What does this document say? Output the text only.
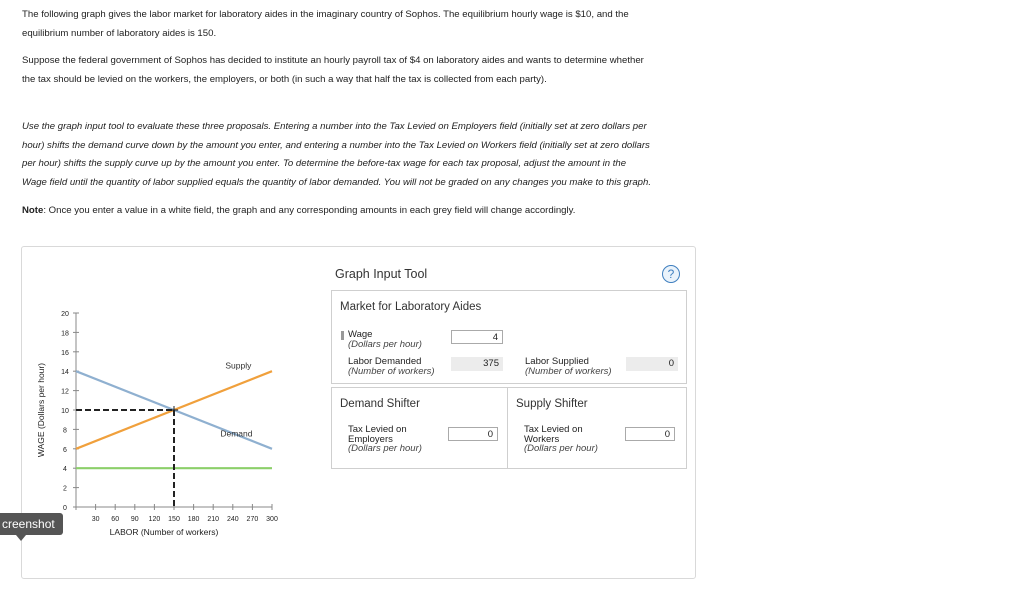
The following graph gives the labor market for laboratory aides in the imaginary country of Sophos. The equilibrium hourly wage is $10, and the
equilibrium number of laboratory aides is 150.

Suppose the federal government of Sophos has decided to institute an hourly payroll tax of $4 on laboratory aides and wants to determine whether
the tax should be levied on the workers, the employers, or both (in such a way that half the tax is collected from each party).

Use the graph input tool to evaluate these three proposals. Entering a number into the Tax Levied on Employers field (initially set at zero dollars per
hour) shifts the demand curve down by the amount you enter, and entering a number into the Tax Levied on Workers field (initially set at zero dollars
per hour) shifts the supply curve up by the amount you enter. To determine the before-tax wage for each tax proposal, adjust the amount in the
Wage field until the quantity of labor supplied equals the quantity of labor demanded. You will not be graded on any changes you make to this graph.

Note: Once you enter a value in a white field, the graph and any corresponding amounts in each grey field will change accordingly.

0
2
4
6
8
10
12
14
16
18
20
30 60 90 120 150 180 210 240 270 300
WAGE (Dollars per hour)
LABOR (Number of workers)
Supply
Demand
Graph Input Tool	?
Market for Laboratory Aides
Wage
(Dollars per hour)
4
Labor Demanded
(Number of workers)
375	Labor Supplied
(Number of workers)
0
Demand Shifter
Tax Levied on
Employers
(Dollars per hour)
0
Supply Shifter
Tax Levied on
Workers
(Dollars per hour)
0
creenshot
